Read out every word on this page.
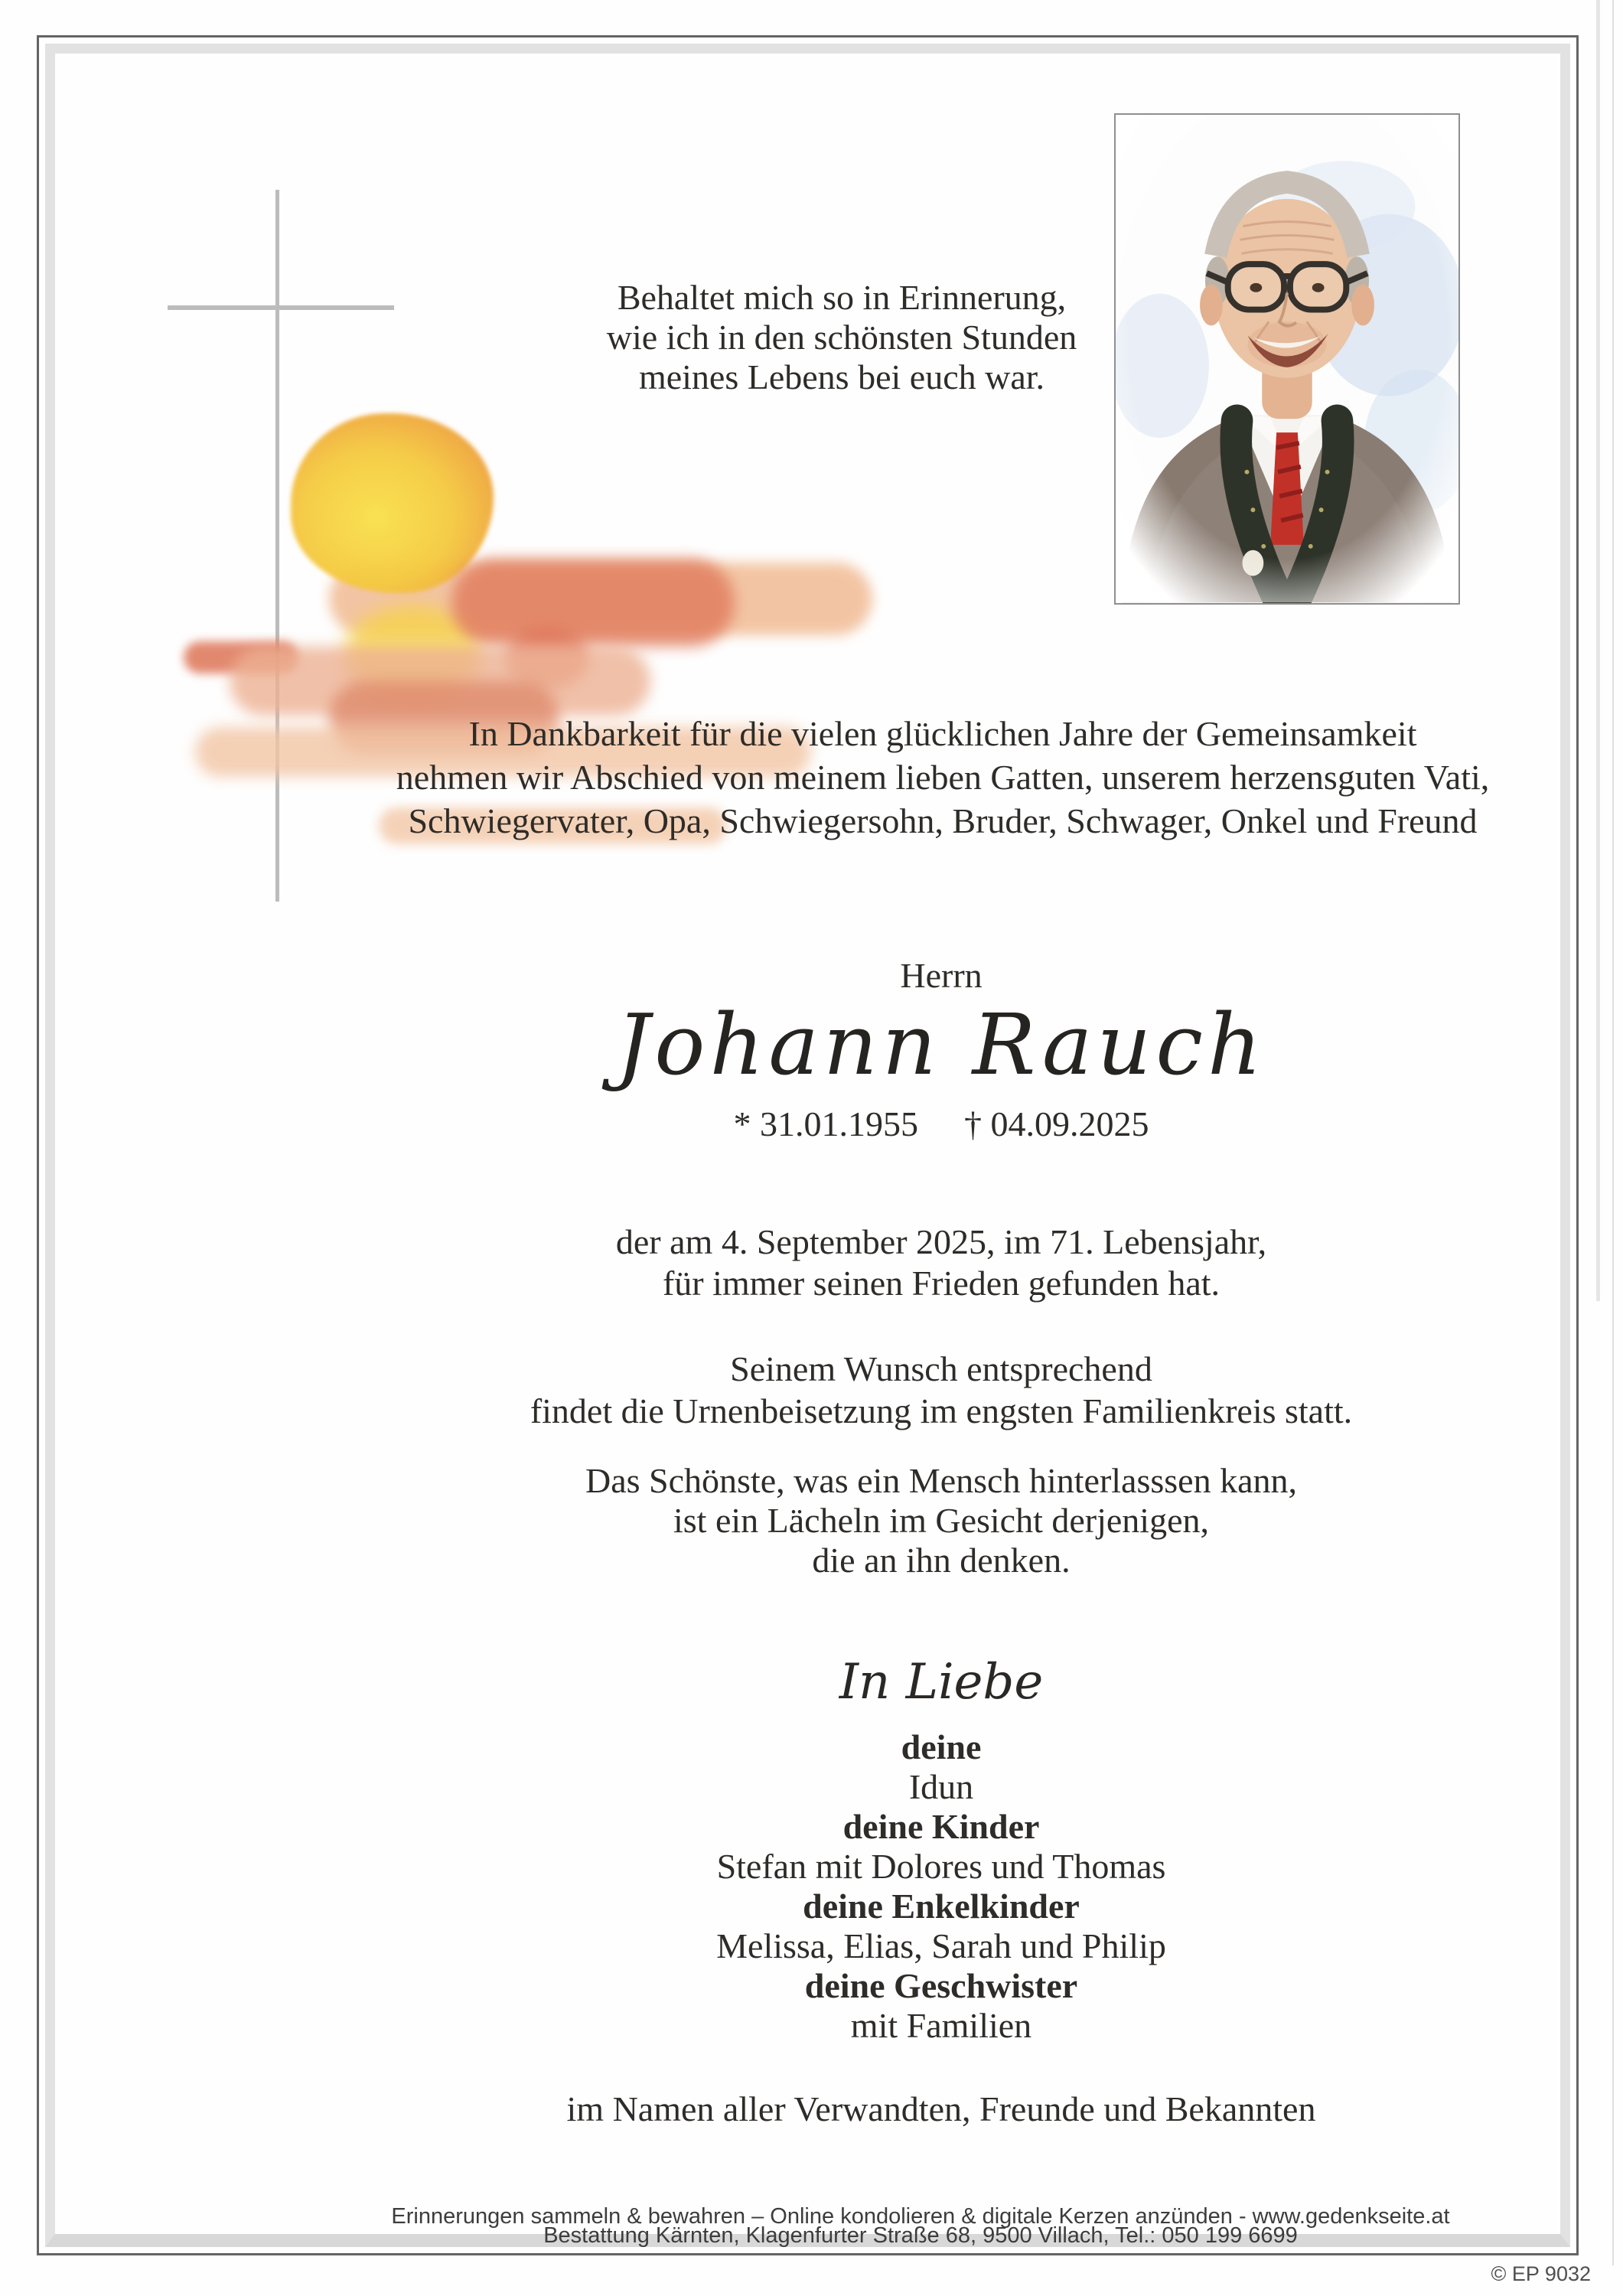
Behaltet mich so in Erinnerung,
wie ich in den schönsten Stunden
meines Lebens bei euch war.
In Dankbarkeit für die vielen glücklichen Jahre der Gemeinsamkeit
nehmen wir Abschied von meinem lieben Gatten, unserem herzensguten Vati,
Schwiegervater, Opa, Schwiegersohn, Bruder, Schwager, Onkel und Freund
Herrn
Johann Rauch
* 31.01.1955 † 04.09.2025
der am 4. September 2025, im 71. Lebensjahr,
für immer seinen Frieden gefunden hat.
Seinem Wunsch entsprechend
findet die Urnenbeisetzung im engsten Familienkreis statt.
Das Schönste, was ein Mensch hinterlasssen kann,
ist ein Lächeln im Gesicht derjenigen,
die an ihn denken.
In Liebe
deine
Idun
deine Kinder
Stefan mit Dolores und Thomas
deine Enkelkinder
Melissa, Elias, Sarah und Philip
deine Geschwister
mit Familien
im Namen aller Verwandten, Freunde und Bekannten
Erinnerungen sammeln & bewahren – Online kondolieren & digitale Kerzen anzünden - www.gedenkseite.at
Bestattung Kärnten, Klagenfurter Straße 68, 9500 Villach, Tel.: 050 199 6699
© EP 9032
